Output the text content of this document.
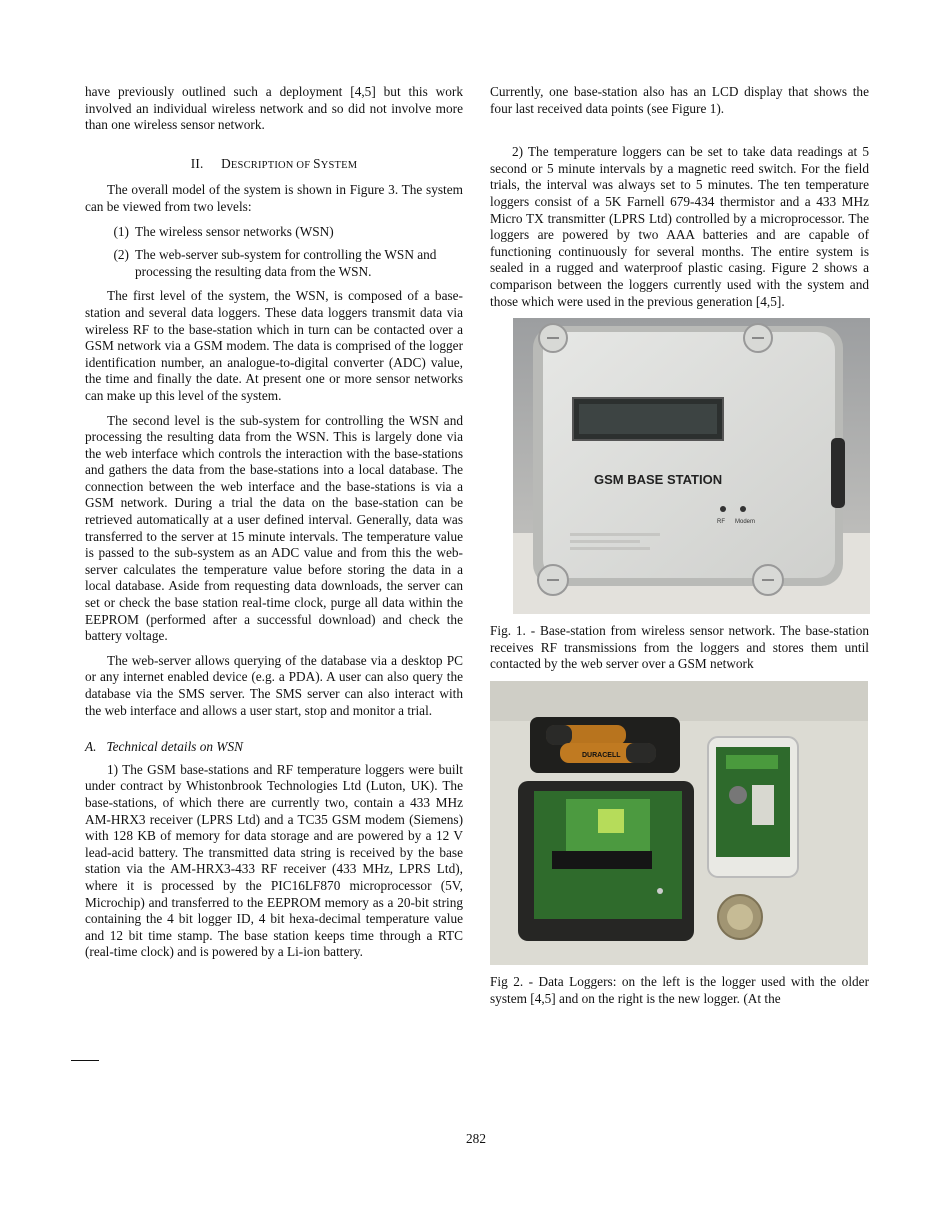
have previously outlined such a deployment [4,5] but this work involved an individual wireless network and so did not involve more than one wireless sensor network.

II. DESCRIPTION OF SYSTEM

The overall model of the system is shown in Figure 3. The system can be viewed from two levels:

(1) The wireless sensor networks (WSN)
(2) The web-server sub-system for controlling the WSN and processing the resulting data from the WSN.

The first level of the system, the WSN, is composed of a base-station and several data loggers. These data loggers transmit data via wireless RF to the base-station which in turn can be contacted over a GSM network via a GSM modem. The data is comprised of the logger identification number, an analogue-to-digital converter (ADC) value, the time and finally the date. At present one or more sensor networks can make up this level of the system.

The second level is the sub-system for controlling the WSN and processing the resulting data from the WSN. This is largely done via the web interface which controls the interaction with the base-stations and gathers the data from the base-stations into a local database. The connection between the web interface and the base-stations is via a GSM network. During a trial the data on the base-station can be retrieved automatically at a user defined interval. Generally, data was transferred to the server at 15 minute intervals. The temperature value is passed to the sub-system as an ADC value and from this the web-server calculates the temperature value before storing the data in a local database. Aside from requesting data downloads, the server can set or check the base station real-time clock, purge all data within the EEPROM (performed after a successful download) and check the battery voltage.

The web-server allows querying of the database via a desktop PC or any internet enabled device (e.g. a PDA). A user can also query the database via the SMS server. The SMS server can also interact with the web interface and allows a user start, stop and monitor a trial.

A. Technical details on WSN

1) The GSM base-stations and RF temperature loggers were built under contract by Whistonbrook Technologies Ltd (Luton, UK). The base-stations, of which there are currently two, contain a 433 MHz AM-HRX3 receiver (LPRS Ltd) and a TC35 GSM modem (Siemens) with 128 KB of memory for data storage and are powered by a 12 V lead-acid battery. The transmitted data string is received by the base station via the AM-HRX3-433 RF receiver (433 MHz, LPRS Ltd), where it is processed by the PIC16LF870 microprocessor (5V, Microchip) and transferred to the EEPROM memory as a 20-bit string containing the 4 bit logger ID, 4 bit hexa-decimal temperature value and 12 bit time stamp. The base station keeps time through a RTC (real-time clock) and is powered by a Li-ion battery.

Currently, one base-station also has an LCD display that shows the four last received data points (see Figure 1).

2) The temperature loggers can be set to take data readings at 5 second or 5 minute intervals by a magnetic reed switch. For the field trials, the interval was always set to 5 minutes. The ten temperature loggers consist of a 5K Farnell 679-434 thermistor and a 433 MHz Micro TX transmitter (LPRS Ltd) controlled by a microprocessor. The loggers are powered by two AAA batteries and are capable of functioning continuously for several months. The entire system is sealed in a rugged and waterproof plastic casing. Figure 2 shows a comparison between the loggers currently used with the system and those which were used in the previous generation [4,5].

GSM BASE STATION
RF Modem

Fig. 1. - Base-station from wireless sensor network. The base-station receives RF transmissions from the loggers and stores them until contacted by the web server over a GSM network

DURACELL

Fig 2. - Data Loggers: on the left is the logger used with the older system [4,5] and on the right is the new logger. (At the

282
